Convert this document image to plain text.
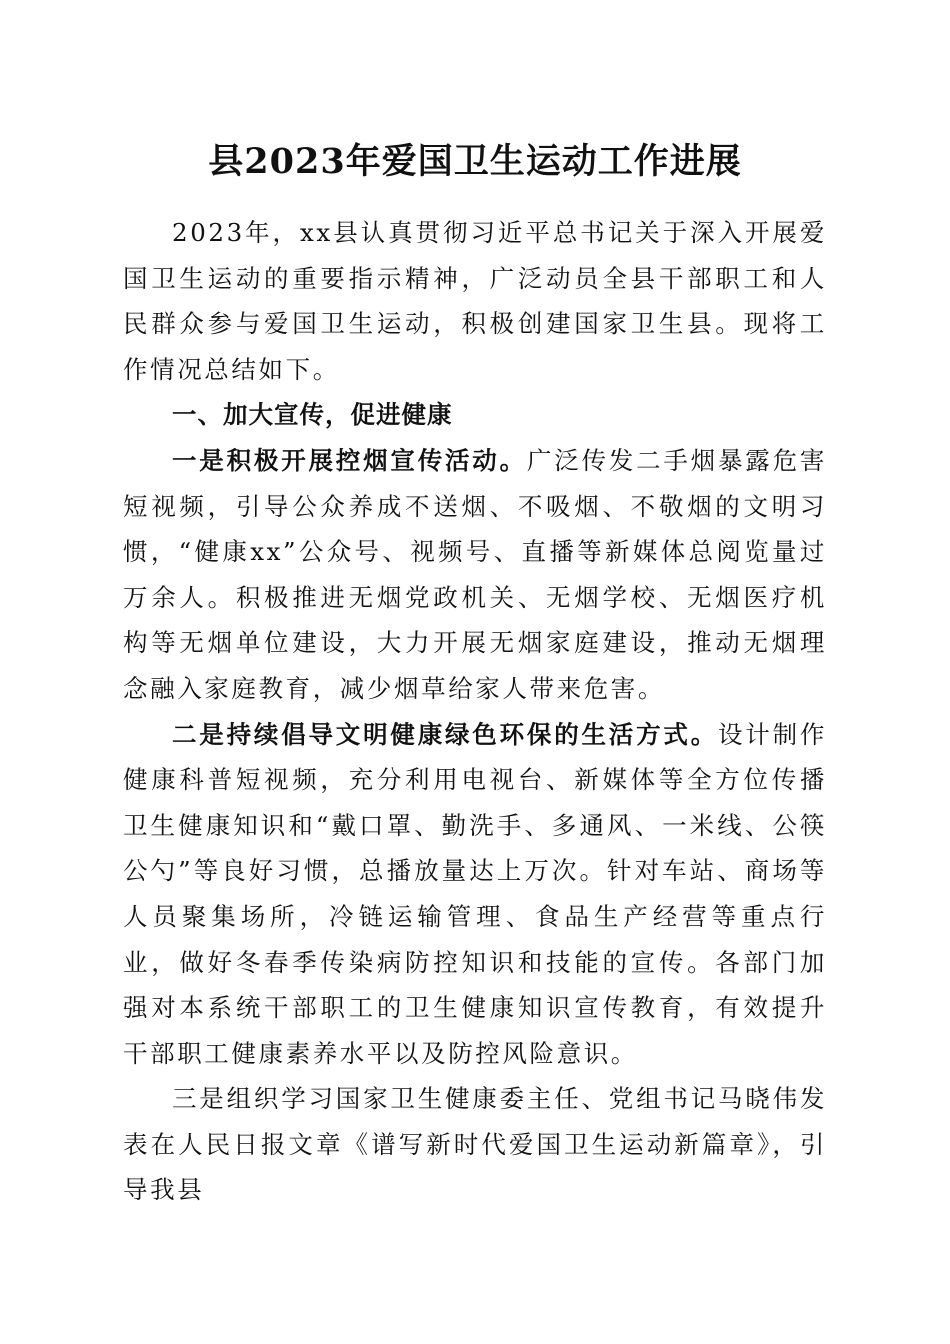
县2023年爱国卫生运动工作进展

2023年，xx县认真贯彻习近平总书记关于深入开展爱国卫生运动的重要指示精神，广泛动员全县干部职工和人民群众参与爱国卫生运动，积极创建国家卫生县。现将工作情况总结如下。

一、加大宣传，促进健康

一是积极开展控烟宣传活动。广泛传发二手烟暴露危害短视频，引导公众养成不送烟、不吸烟、不敬烟的文明习惯，“健康xx”公众号、视频号、直播等新媒体总阅览量过万余人。积极推进无烟党政机关、无烟学校、无烟医疗机构等无烟单位建设，大力开展无烟家庭建设，推动无烟理念融入家庭教育，减少烟草给家人带来危害。

二是持续倡导文明健康绿色环保的生活方式。设计制作健康科普短视频，充分利用电视台、新媒体等全方位传播卫生健康知识和“戴口罩、勤洗手、多通风、一米线、公筷公勺”等良好习惯，总播放量达上万次。针对车站、商场等人员聚集场所，冷链运输管理、食品生产经营等重点行业，做好冬春季传染病防控知识和技能的宣传。各部门加强对本系统干部职工的卫生健康知识宣传教育，有效提升干部职工健康素养水平以及防控风险意识。

三是组织学习国家卫生健康委主任、党组书记马晓伟发表在人民日报文章《谱写新时代爱国卫生运动新篇章》，引导我县
